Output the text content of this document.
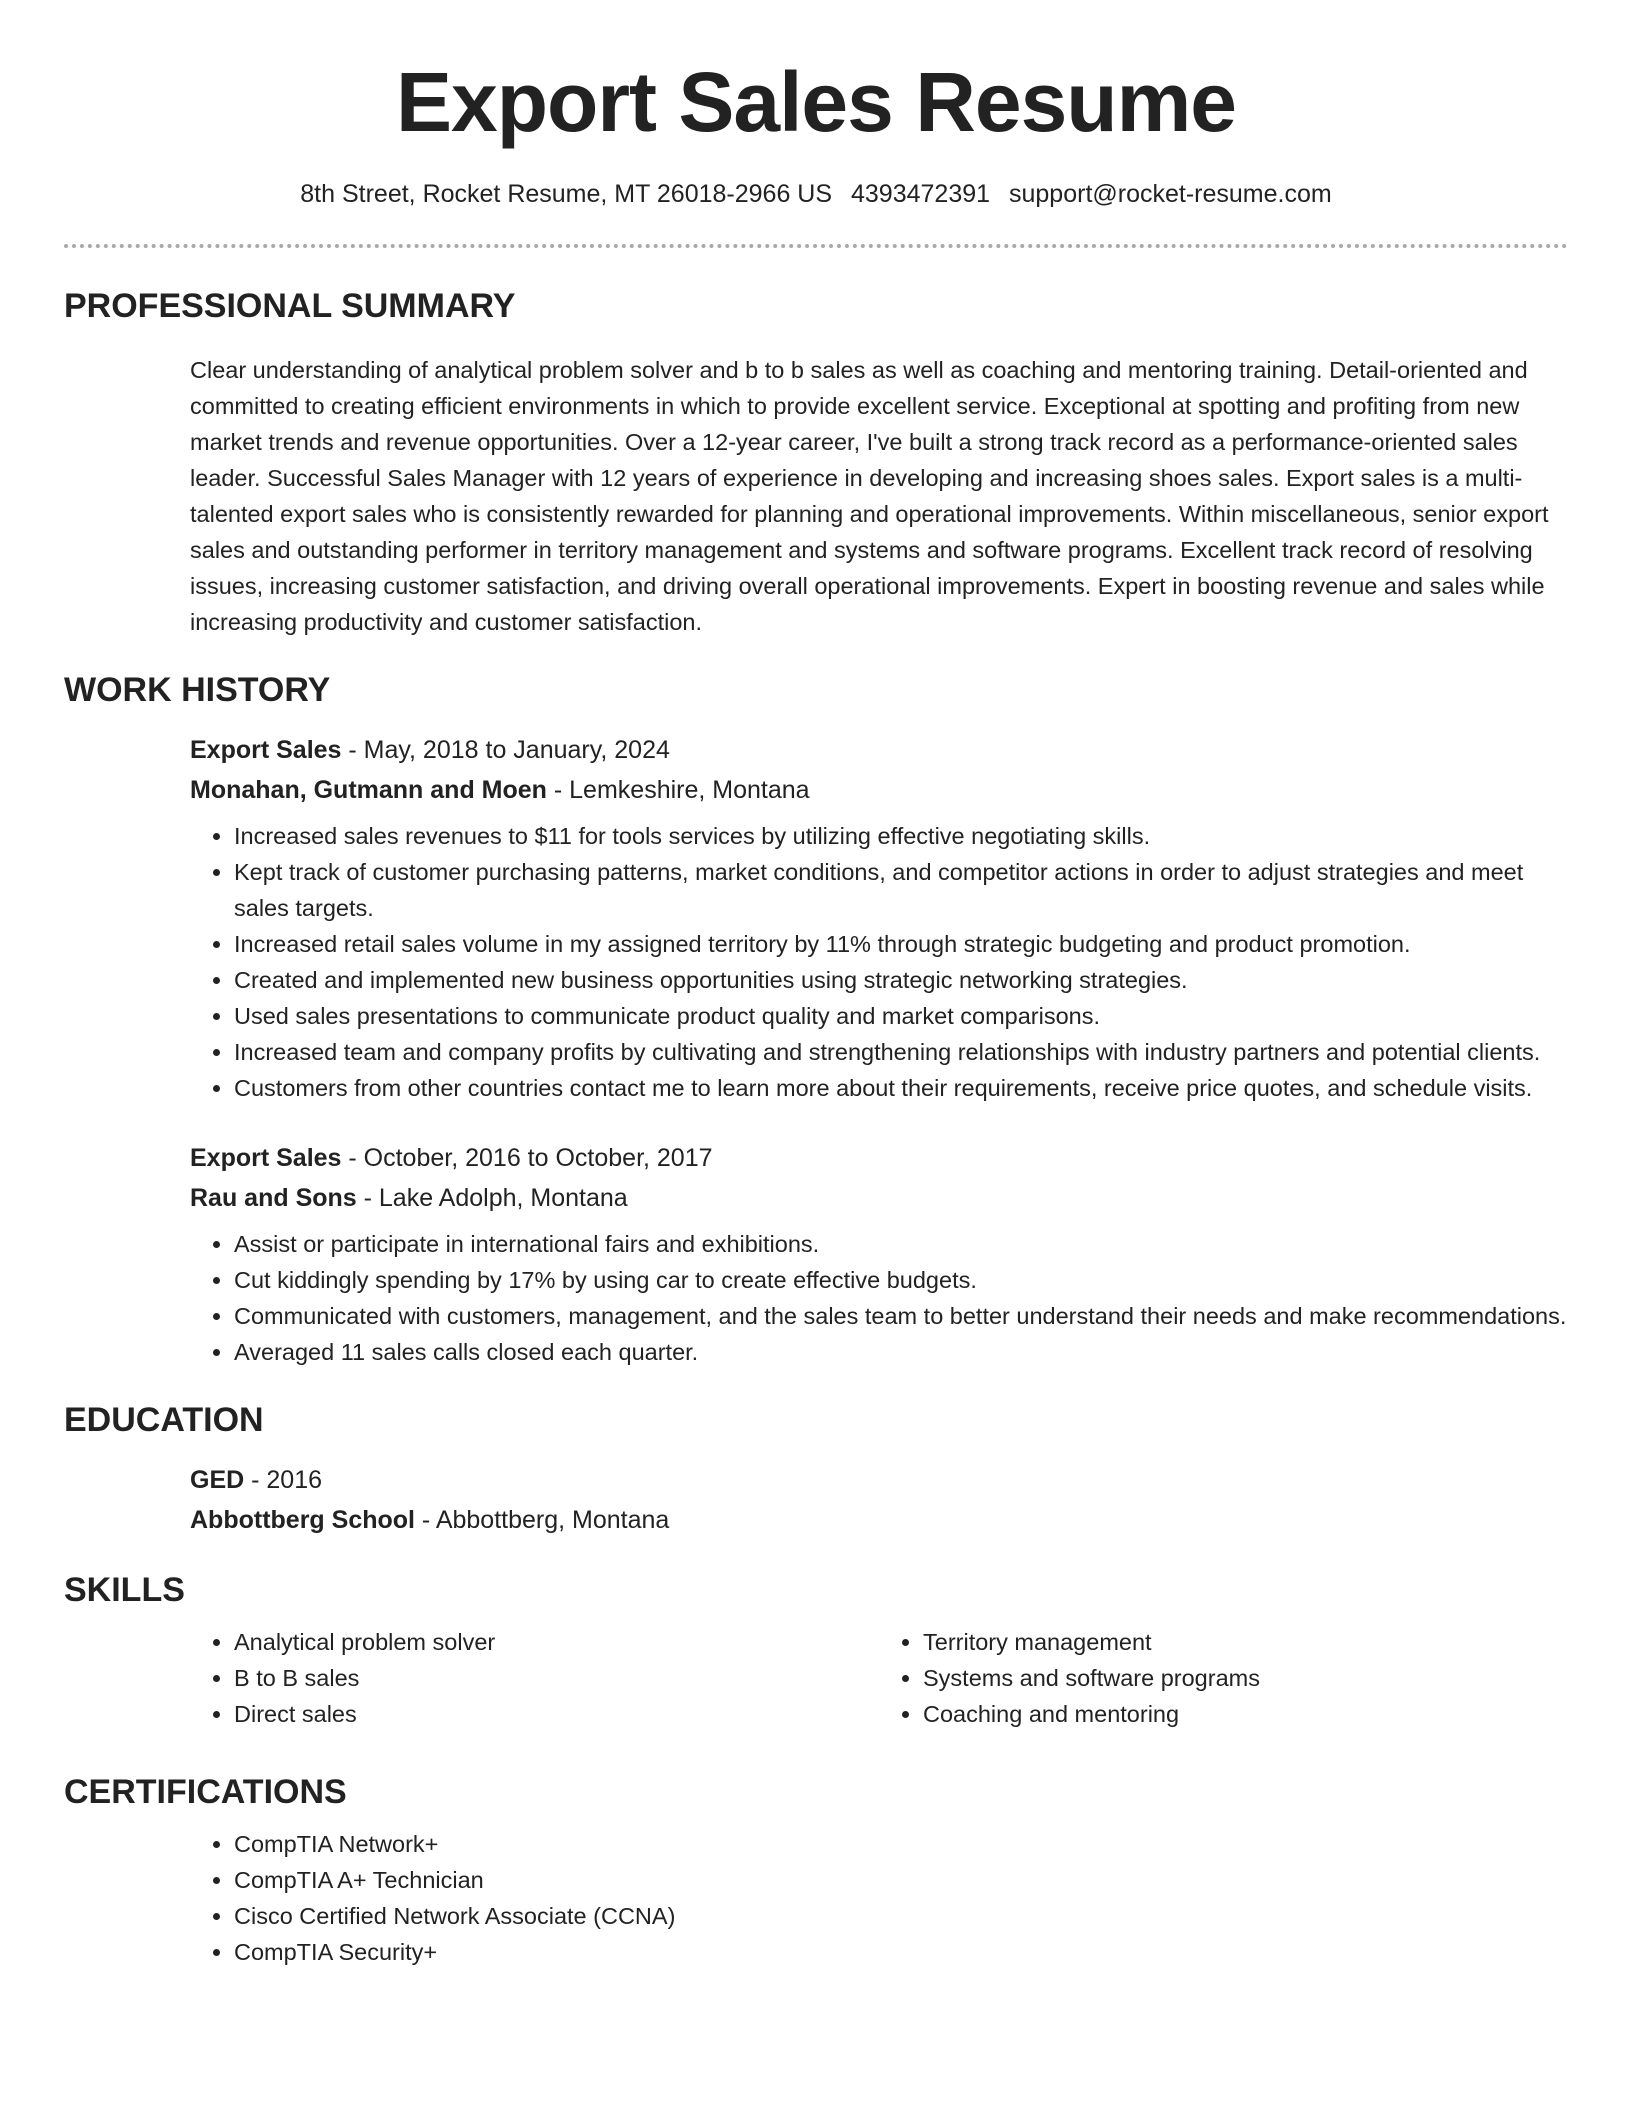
Export Sales Resume
8th Street, Rocket Resume, MT 26018-2966 US 4393472391 support@rocket-resume.com
PROFESSIONAL SUMMARY

Clear understanding of analytical problem solver and b to b sales as well as coaching and mentoring training. Detail-oriented and committed to creating efficient environments in which to provide excellent service. Exceptional at spotting and profiting from new market trends and revenue opportunities. Over a 12-year career, I've built a strong track record as a performance-oriented sales leader. Successful Sales Manager with 12 years of experience in developing and increasing shoes sales. Export sales is a multi-talented export sales who is consistently rewarded for planning and operational improvements. Within miscellaneous, senior export sales and outstanding performer in territory management and systems and software programs. Excellent track record of resolving issues, increasing customer satisfaction, and driving overall operational improvements. Expert in boosting revenue and sales while increasing productivity and customer satisfaction.

WORK HISTORY
Export Sales - May, 2018 to January, 2024
Monahan, Gutmann and Moen - Lemkeshire, Montana
• Increased sales revenues to $11 for tools services by utilizing effective negotiating skills.
• Kept track of customer purchasing patterns, market conditions, and competitor actions in order to adjust strategies and meet sales targets.
• Increased retail sales volume in my assigned territory by 11% through strategic budgeting and product promotion.
• Created and implemented new business opportunities using strategic networking strategies.
• Used sales presentations to communicate product quality and market comparisons.
• Increased team and company profits by cultivating and strengthening relationships with industry partners and potential clients.
• Customers from other countries contact me to learn more about their requirements, receive price quotes, and schedule visits.
Export Sales - October, 2016 to October, 2017
Rau and Sons - Lake Adolph, Montana
• Assist or participate in international fairs and exhibitions.
• Cut kiddingly spending by 17% by using car to create effective budgets.
• Communicated with customers, management, and the sales team to better understand their needs and make recommendations.
• Averaged 11 sales calls closed each quarter.
EDUCATION
GED - 2016
Abbottberg School - Abbottberg, Montana
SKILLS
• Analytical problem solver
• B to B sales
• Direct sales
• Territory management
• Systems and software programs
• Coaching and mentoring
CERTIFICATIONS
• CompTIA Network+
• CompTIA A+ Technician
• Cisco Certified Network Associate (CCNA)
• CompTIA Security+
